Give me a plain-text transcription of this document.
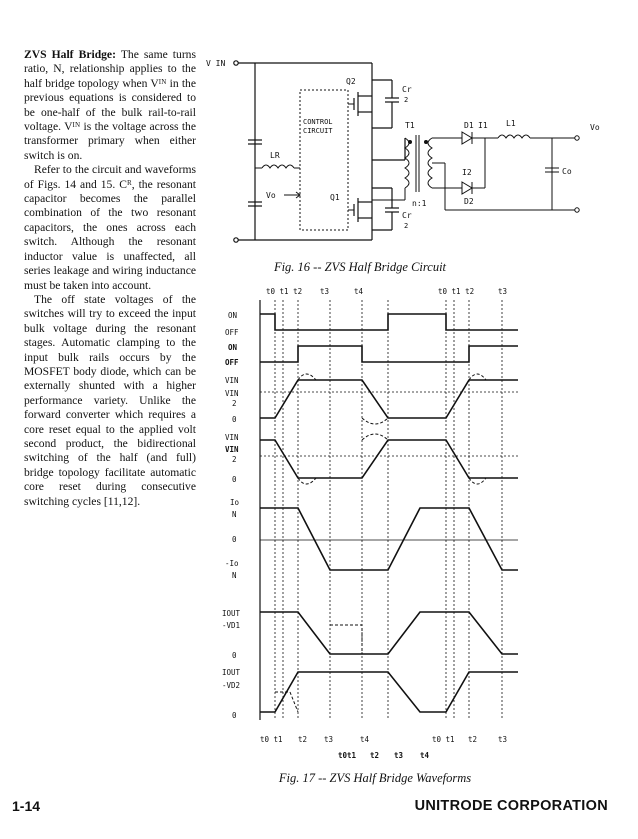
ZVS Half Bridge: The same turns ratio, N, relationship applies to the half bridge topology when Vᴵᴺ in the previous equations is considered to be one-half of the bulk rail-to-rail voltage. Vᴵᴺ is the voltage across the transformer primary when either switch is on.

Refer to the circuit and waveforms of Figs. 14 and 15. Cᴿ, the resonant capacitor becomes the parallel combination of the two resonant capacitors, the ones across each switch. Although the resonant inductor value is unaffected, all series leakage and wiring inductance must be taken into account.

The off state voltages of the switches will try to exceed the input bulk voltage during the resonant stages. Automatic clamping to the input bulk rails occurs by the MOSFET body diode, which can be externally shunted with a higher performance variety. Unlike the forward converter which requires a core reset equal to the applied volt second product, the bidirectional switching of the half (and full) bridge topology facilitate automatic core reset during consecutive switching cycles [11,12].

V IN
Q2
Q1
Cr
2
Cr
2
CONTROL
CIRCUIT
LR
Vo
T1
n:1
D1
D2
I1
I2
L1
Co
Vo
Fig. 16 -- ZVS Half Bridge Circuit
t0 t1 t2 t3	t4	t0 t1 t2	t3
ON
OFF
ON
OFF
VIN
VIN
2
0
VIN
VIN
2
0
Io
N
0
-Io
N
IOUT
-VD1
0
IOUT
-VD2
0
t0 t1 t2 t3	t4	t0 t1 t2	t3
t0t1 t2 t3 t4
Fig. 17 -- ZVS Half Bridge Waveforms
1-14	UNITRODE CORPORATION
